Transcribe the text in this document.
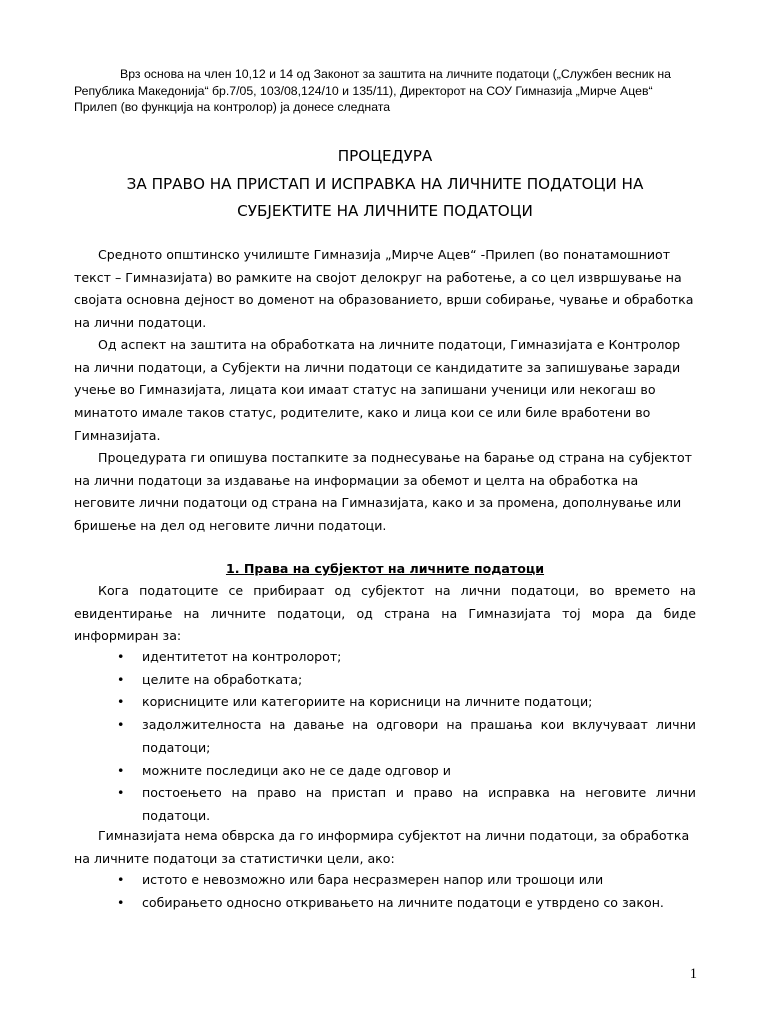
Врз основа на член 10,12 и 14 од Законот за заштита на личните податоци („Службен весник на Република Македонија“ бр.7/05, 103/08,124/10 и 135/11), Директорот на СОУ Гимназија „Мирче Ацев“ Прилеп (во функција на контролор) ја донесе следната

ПРОЦЕДУРА

ЗА ПРАВО НА ПРИСТАП И ИСПРАВКА НА ЛИЧНИТЕ ПОДАТОЦИ НА

СУБЈЕКТИТЕ НА ЛИЧНИТЕ ПОДАТОЦИ

Средното општинско училиште Гимназија „Мирче Ацев“ -Прилеп (во понатамошниот текст – Гимназијата) во рамките на својот делокруг на работење, а со цел извршување на својата основна дејност во доменот на образованието, врши собирање, чување и обработка на лични податоци.

Од аспект на заштита на обработката на личните податоци, Гимназијата е Контролор на лични податоци, а Субјекти на лични податоци се кандидатите за запишување заради учење во Гимназијата, лицата кои имаат статус на запишани ученици или некогаш во минатото имале таков статус, родителите, како и лица кои се или биле вработени во Гимназијата.

Процедурата ги опишува постапките за поднесување на барање од страна на субјектот на лични податоци за издавање на информации за обемот и целта на обработка на неговите лични податоци од страна на Гимназијата, како и за промена, дополнување или бришење на дел од неговите лични податоци.

1. Права на субјектот на личните податоци

Кога податоците се прибираат од субјектот на лични податоци, во времето на евидентирање на личните податоци, од страна на Гимназијата тој мора да биде информиран за:

• идентитетот на контролорот;
• целите на обработката;
• корисниците или категориите на корисници на личните податоци;
• задолжителноста на давање на одговори на прашања кои вклучуваат лични податоци;
• можните последици ако не се даде одговор и
• постоењето на право на пристап и право на исправка на неговите лични податоци.

Гимназијата нема обврска да го информира субјектот на лични податоци, за обработка на личните податоци за статистички цели, ако:

• истото е невозможно или бара несразмерен напор или трошоци или
• собирањето односно откривањето на личните податоци е утврдено со закон.
1
